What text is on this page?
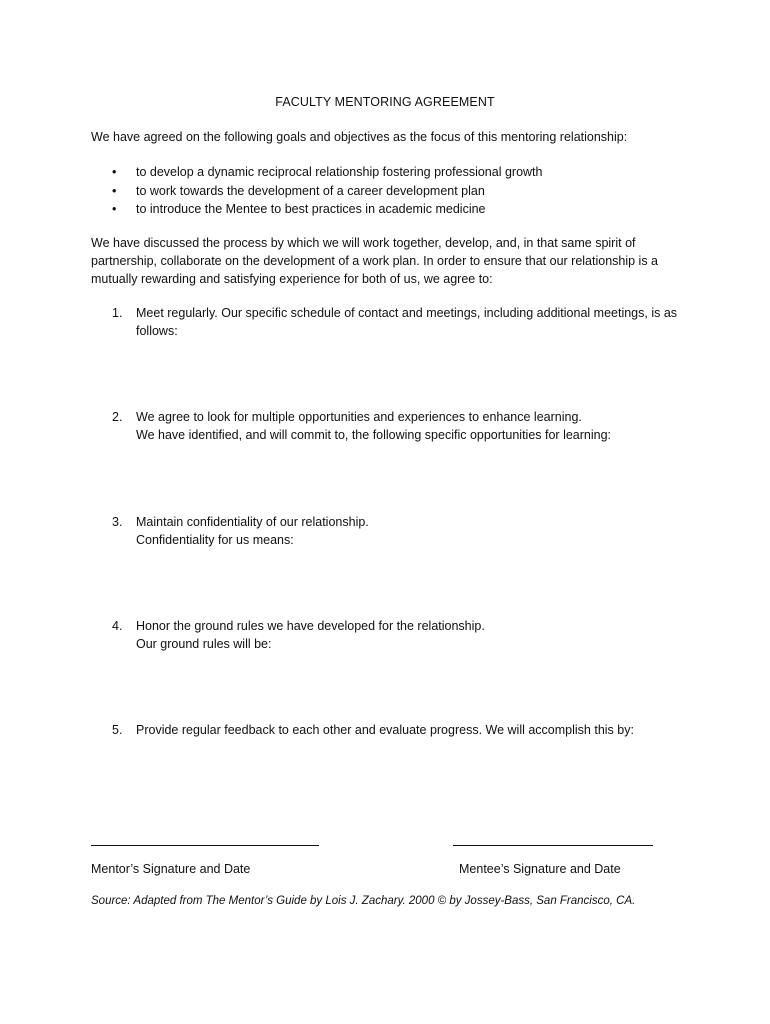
FACULTY MENTORING AGREEMENT
We have agreed on the following goals and objectives as the focus of this mentoring relationship:
• to develop a dynamic reciprocal relationship fostering professional growth
• to work towards the development of a career development plan
• to introduce the Mentee to best practices in academic medicine
We have discussed the process by which we will work together, develop, and, in that same spirit of partnership, collaborate on the development of a work plan. In order to ensure that our relationship is a mutually rewarding and satisfying experience for both of us, we agree to:
1. Meet regularly. Our specific schedule of contact and meetings, including additional meetings, is as follows:
2. We agree to look for multiple opportunities and experiences to enhance learning.
We have identified, and will commit to, the following specific opportunities for learning:
3. Maintain confidentiality of our relationship.
Confidentiality for us means:
4. Honor the ground rules we have developed for the relationship.
Our ground rules will be:
5. Provide regular feedback to each other and evaluate progress. We will accomplish this by:
Mentor’s Signature and Date	Mentee’s Signature and Date
Source: Adapted from The Mentor’s Guide by Lois J. Zachary. 2000 © by Jossey-Bass, San Francisco, CA.
